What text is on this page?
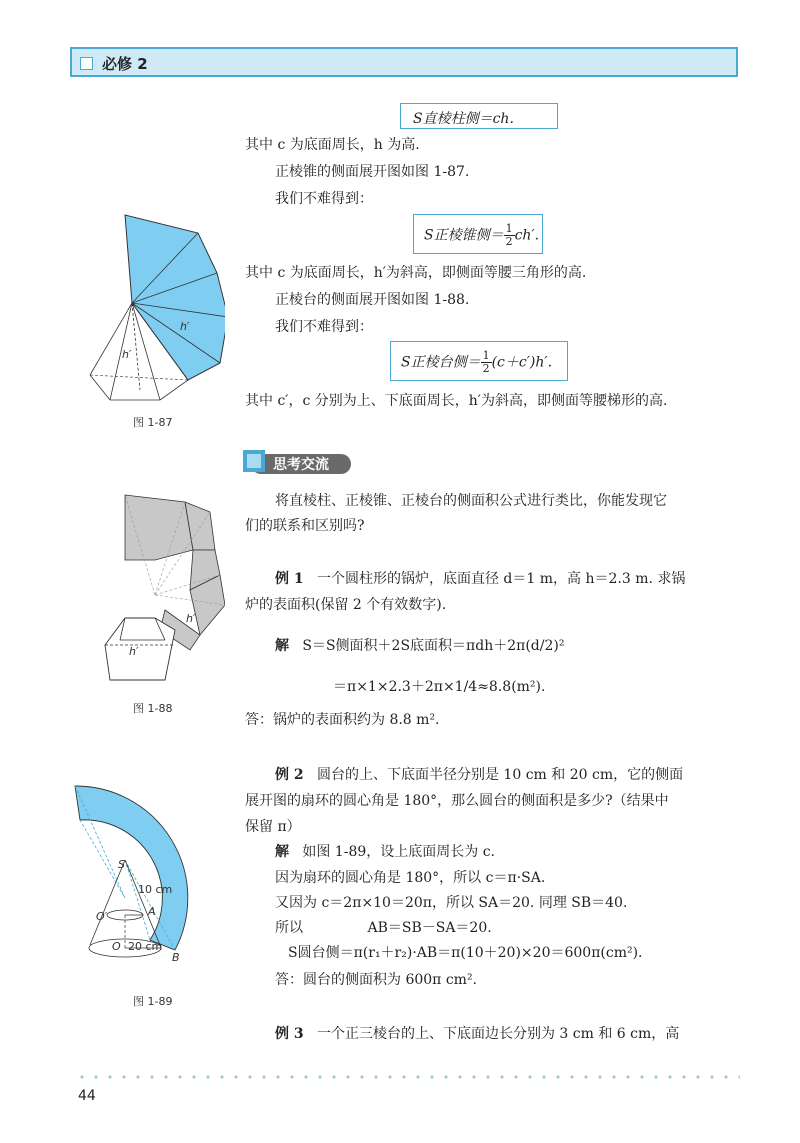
必修 2
S直棱柱侧＝ch.
其中 c 为底面周长，h 为高.
正棱锥的侧面展开图如图 1-87.
我们不难得到：
S正棱锥侧＝ $\frac{1}{2} ch'$.
其中 c 为底面周长，h′为斜高，即侧面等腰三角形的高.
正棱台的侧面展开图如图 1-88.
我们不难得到：
S正棱台侧＝ $\frac{1}{2} (c+c')h'$.
其中 c′，c 分别为上、下底面周长，h′为斜高，即侧面等腰梯形的高.
思考交流
将直棱柱、正棱锥、正棱台的侧面积公式进行类比，你能发现它
们的联系和区别吗?
例 1 一个圆柱形的锅炉，底面直径 d＝1 m，高 h＝2.3 m. 求锅
炉的表面积(保留 2 个有效数字).
解 S＝S侧面积＋2S底面积＝πdh＋2π(d/2)²
＝π×1×2.3＋2π×1/4≈8.8(m²).
答：锅炉的表面积约为 8.8 m².
例 2 圆台的上、下底面半径分别是 10 cm 和 20 cm，它的侧面
展开图的扇环的圆心角是 180°，那么圆台的侧面积是多少?（结果中
保留 π）
解 如图 1-89，设上底面周长为 c.
因为扇环的圆心角是 180°，所以 c＝π·SA.
又因为 c＝2π×10＝20π，所以 SA＝20. 同理 SB＝40.
所以	AB＝SB－SA＝20.
S圆台侧＝π(r₁＋r₂)·AB＝π(10＋20)×20＝600π(cm²).
答：圆台的侧面积为 600π cm².
例 3 一个正三棱台的上、下底面边长分别为 3 cm 和 6 cm，高
h′
h′
图 1-87
h′
h′
图 1-88
S
10 cm
A
O′
O 20 cm
B
图 1-89
44
